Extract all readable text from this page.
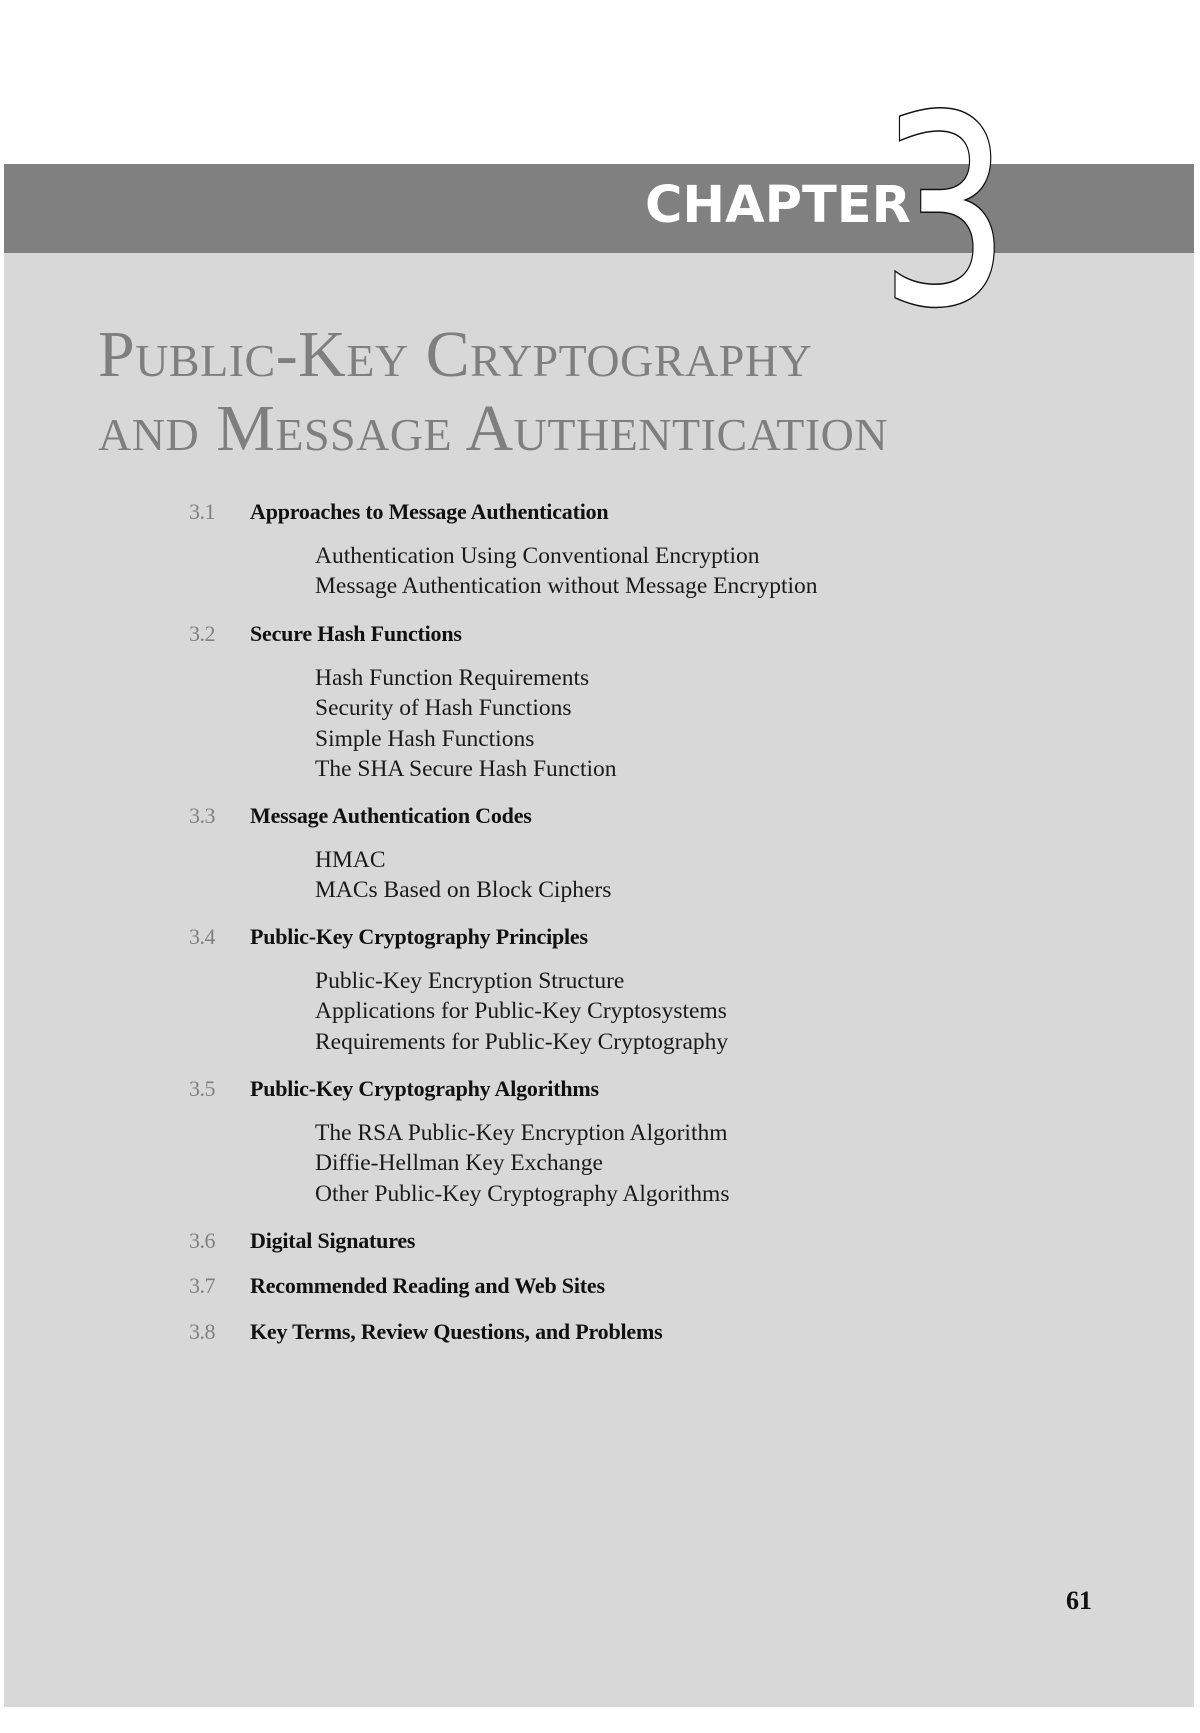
CHAPTER
3
Public-Key Cryptography
and Message Authentication
3.1 Approaches to Message Authentication
Authentication Using Conventional Encryption
Message Authentication without Message Encryption
3.2 Secure Hash Functions
Hash Function Requirements
Security of Hash Functions
Simple Hash Functions
The SHA Secure Hash Function
3.3 Message Authentication Codes
HMAC
MACs Based on Block Ciphers
3.4 Public-Key Cryptography Principles
Public-Key Encryption Structure
Applications for Public-Key Cryptosystems
Requirements for Public-Key Cryptography
3.5 Public-Key Cryptography Algorithms
The RSA Public-Key Encryption Algorithm
Diffie-Hellman Key Exchange
Other Public-Key Cryptography Algorithms
3.6 Digital Signatures
3.7 Recommended Reading and Web Sites
3.8 Key Terms, Review Questions, and Problems
61
